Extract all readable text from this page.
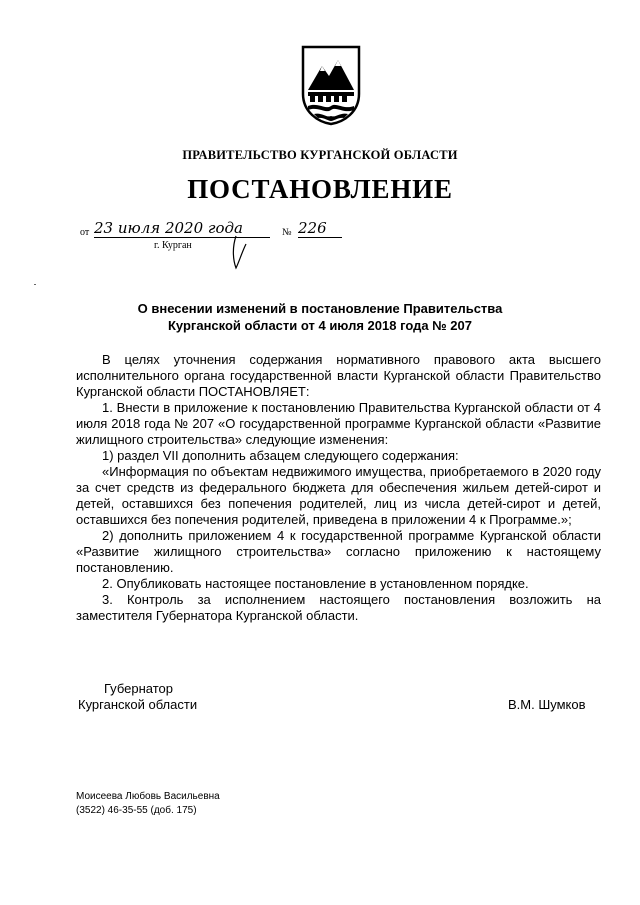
ПРАВИТЕЛЬСТВО КУРГАНСКОЙ ОБЛАСТИ
ПОСТАНОВЛЕНИЕ
от 23 июля 2020 года	№ 226
г. Курган
О внесении изменений в постановление Правительства
Курганской области от 4 июля 2018 года № 207

В целях уточнения содержания нормативного правового акта высшего исполнительного органа государственной власти Курганской области Правительство Курганской области ПОСТАНОВЛЯЕТ:

1. Внести в приложение к постановлению Правительства Курганской области от 4 июля 2018 года № 207 «О государственной программе Курганской области «Развитие жилищного строительства» следующие изменения:

1) раздел VII дополнить абзацем следующего содержания:

«Информация по объектам недвижимого имущества, приобретаемого в 2020 году за счет средств из федерального бюджета для обеспечения жильем детей-сирот и детей, оставшихся без попечения родителей, лиц из числа детей-сирот и детей, оставшихся без попечения родителей, приведена в приложении 4 к Программе.»;

2) дополнить приложением 4 к государственной программе Курганской области «Развитие жилищного строительства» согласно приложению к настоящему постановлению.

2. Опубликовать настоящее постановление в установленном порядке.

3. Контроль за исполнением настоящего постановления возложить на заместителя Губернатора Курганской области.

Губернатор
Курганской области	В.М. Шумков
Моисеева Любовь Васильевна
(3522) 46-35-55 (доб. 175)
